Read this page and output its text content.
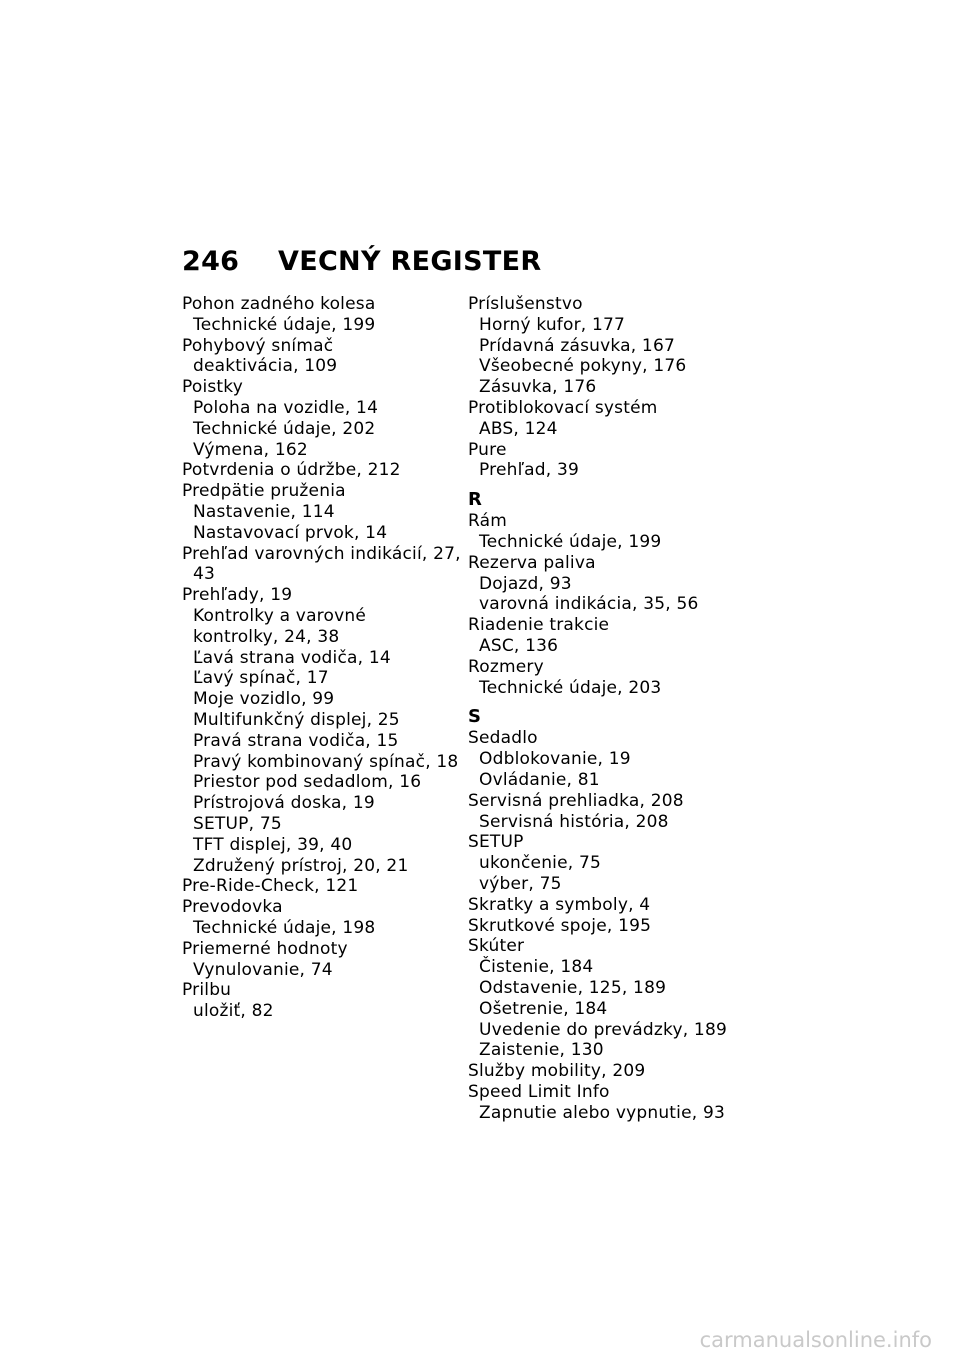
246 VECNÝ REGISTER
Pohon zadného kolesa
Technické údaje, 199
Pohybový snímač
deaktivácia, 109
Poistky
Poloha na vozidle, 14
Technické údaje, 202
Výmena, 162
Potvrdenia o údržbe, 212
Predpätie pruženia
Nastavenie, 114
Nastavovací prvok, 14
Prehľad varovných indikácií, 27,
43
Prehľady, 19
Kontrolky a varovné
kontrolky, 24, 38
Ľavá strana vodiča, 14
Ľavý spínač, 17
Moje vozidlo, 99
Multifunkčný displej, 25
Pravá strana vodiča, 15
Pravý kombinovaný spínač, 18
Priestor pod sedadlom, 16
Prístrojová doska, 19
SETUP, 75
TFT displej, 39, 40
Združený prístroj, 20, 21
Pre-Ride-Check, 121
Prevodovka
Technické údaje, 198
Priemerné hodnoty
Vynulovanie, 74
Prilbu
uložiť, 82
Príslušenstvo
Horný kufor, 177
Prídavná zásuvka, 167
Všeobecné pokyny, 176
Zásuvka, 176
Protiblokovací systém
ABS, 124
Pure
Prehľad, 39
R
Rám
Technické údaje, 199
Rezerva paliva
Dojazd, 93
varovná indikácia, 35, 56
Riadenie trakcie
ASC, 136
Rozmery
Technické údaje, 203
S
Sedadlo
Odblokovanie, 19
Ovládanie, 81
Servisná prehliadka, 208
Servisná história, 208
SETUP
ukončenie, 75
výber, 75
Skratky a symboly, 4
Skrutkové spoje, 195
Skúter
Čistenie, 184
Odstavenie, 125, 189
Ošetrenie, 184
Uvedenie do prevádzky, 189
Zaistenie, 130
Služby mobility, 209
Speed Limit Info
Zapnutie alebo vypnutie, 93
carmanualsonline.info
